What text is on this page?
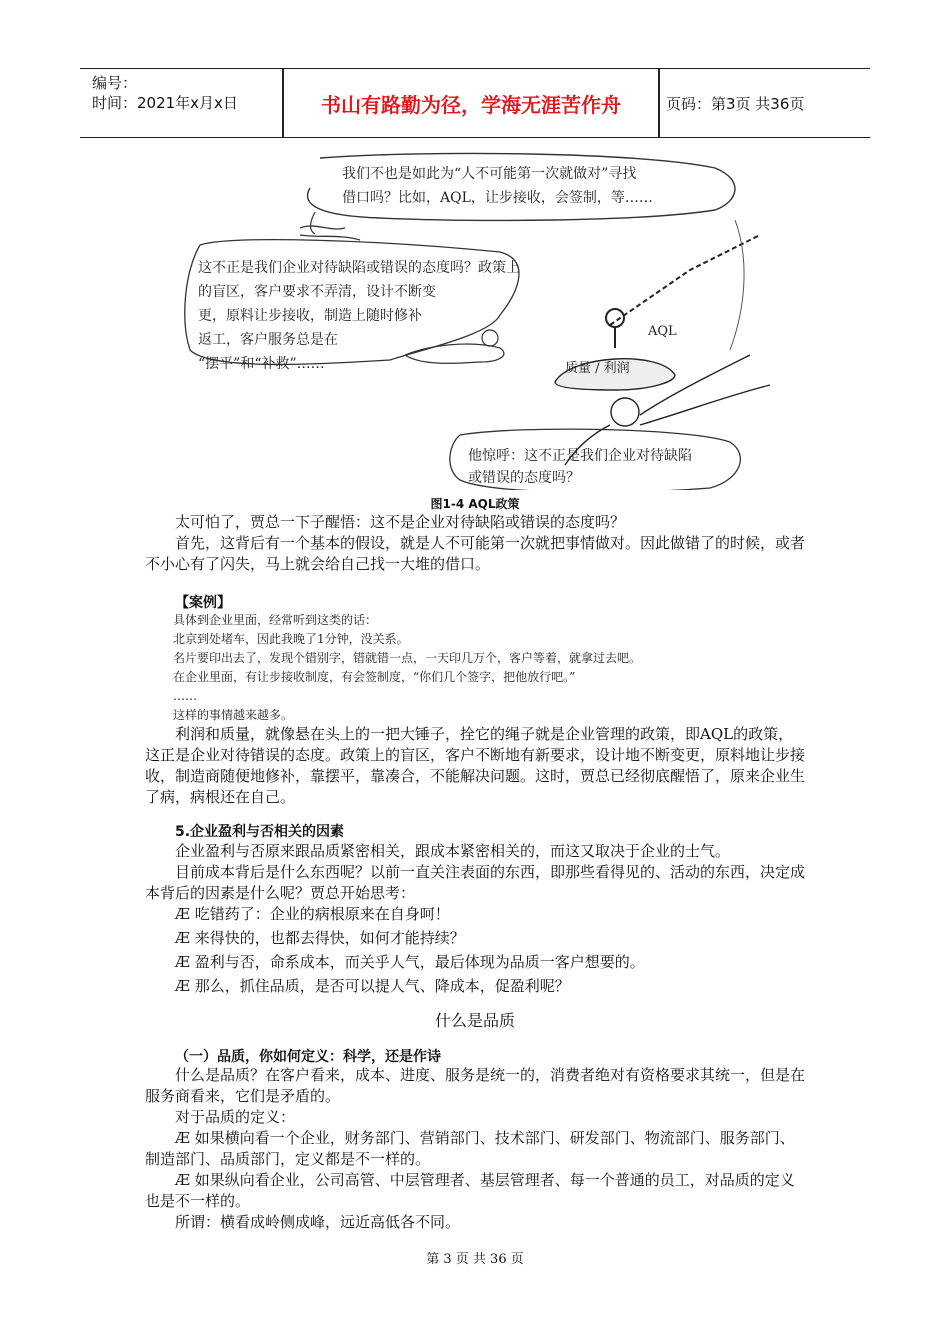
编号：
时间：2021年x月x日	书山有路勤为径，学海无涯苦作舟	页码：第3页 共36页
我们不也是如此为“人不可能第一次就做对”寻找
借口吗？比如，AQL，让步接收，会签制，等……
这不正是我们企业对待缺陷或错误的态度吗？政策上
的盲区，客户要求不弄清，设计不断变
更，原料让步接收，制造上随时修补
返工，客户服务总是在
“摆平”和“补救”……
AQL
质量 / 利润
他惊呼：这不正是我们企业对待缺陷
或错误的态度吗？
图1-4 AQL政策
太可怕了，贾总一下子醒悟：这不是企业对待缺陷或错误的态度吗？
首先，这背后有一个基本的假设，就是人不可能第一次就把事情做对。因此做错了的时候，或者不小心有了闪失，马上就会给自己找一大堆的借口。
【案例】
具体到企业里面，经常听到这类的话：
北京到处堵车，因此我晚了1分钟，没关系。
名片要印出去了，发现个错别字，错就错一点，一天印几万个，客户等着，就拿过去吧。
在企业里面，有让步接收制度，有会签制度，“你们几个签字，把他放行吧。”
……
这样的事情越来越多。
利润和质量，就像悬在头上的一把大锤子，拴它的绳子就是企业管理的政策，即AQL的政策，这正是企业对待错误的态度。政策上的盲区，客户不断地有新要求，设计地不断变更，原料地让步接收，制造商随便地修补，靠摆平，靠凑合，不能解决问题。这时，贾总已经彻底醒悟了，原来企业生了病，病根还在自己。
5.企业盈利与否相关的因素
企业盈利与否原来跟品质紧密相关，跟成本紧密相关的，而这又取决于企业的士气。
目前成本背后是什么东西呢？以前一直关注表面的东西，即那些看得见的、活动的东西，决定成本背后的因素是什么呢？贾总开始思考：
Æ 吃错药了：企业的病根原来在自身呵！
Æ 来得快的，也都去得快，如何才能持续？
Æ 盈利与否，命系成本，而关乎人气，最后体现为品质一客户想要的。
Æ 那么，抓住品质，是否可以提人气、降成本，促盈利呢？
什么是品质
（一）品质，你如何定义：科学，还是作诗
什么是品质？在客户看来，成本、进度、服务是统一的，消费者绝对有资格要求其统一，但是在服务商看来，它们是矛盾的。
对于品质的定义：
Æ 如果横向看一个企业，财务部门、营销部门、技术部门、研发部门、物流部门、服务部门、制造部门、品质部门，定义都是不一样的。
Æ 如果纵向看企业，公司高管、中层管理者、基层管理者、每一个普通的员工，对品质的定义也是不一样的。
所谓：横看成岭侧成峰，远近高低各不同。
第 3 页 共 36 页
